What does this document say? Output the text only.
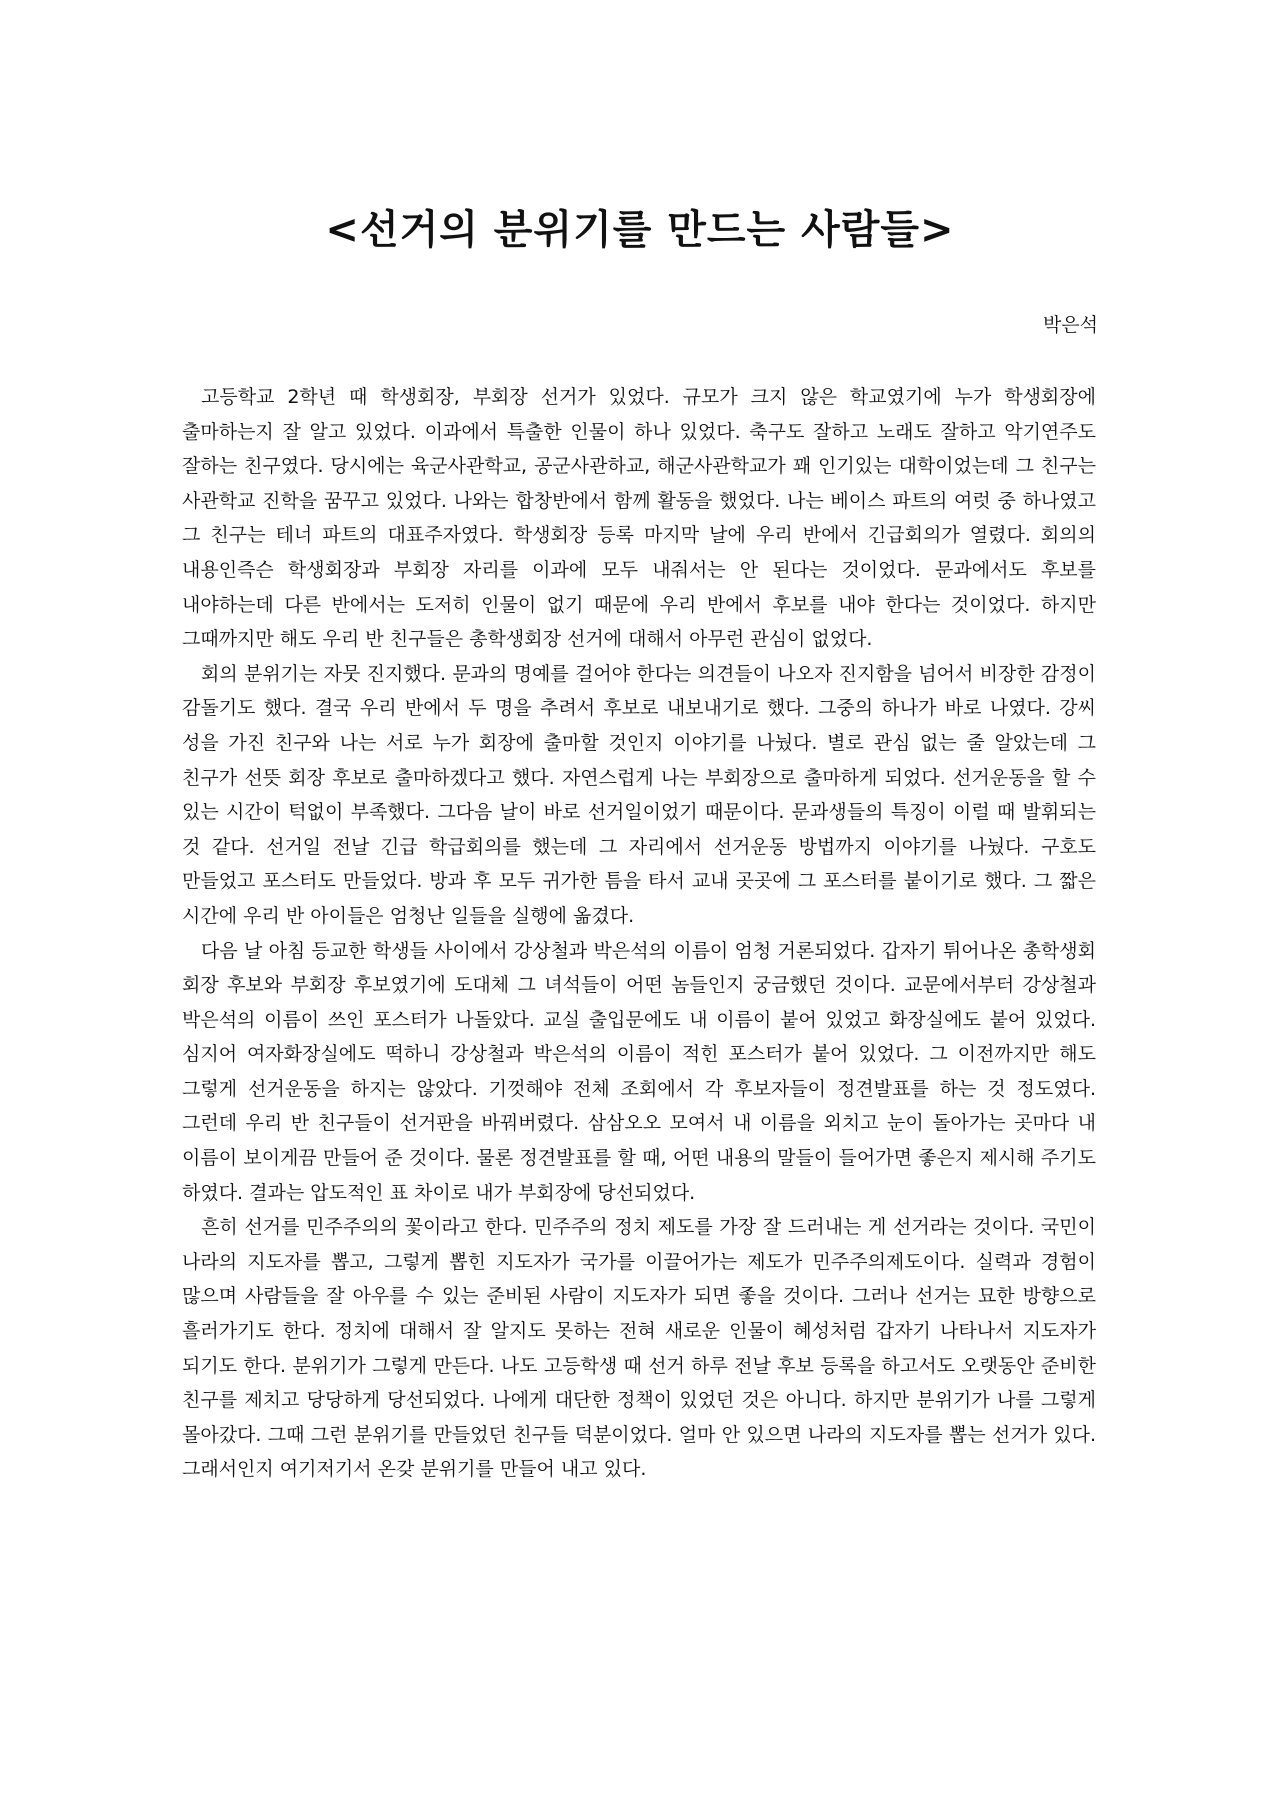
<선거의 분위기를 만드는 사람들>
박은석

고등학교 2학년 때 학생회장, 부회장 선거가 있었다. 규모가 크지 않은 학교였기에 누가 학생회장에 출마하는지 잘 알고 있었다. 이과에서 특출한 인물이 하나 있었다. 축구도 잘하고 노래도 잘하고 악기연주도 잘하는 친구였다. 당시에는 육군사관학교, 공군사관하교, 해군사관학교가 꽤 인기있는 대학이었는데 그 친구는 사관학교 진학을 꿈꾸고 있었다. 나와는 합창반에서 함께 활동을 했었다. 나는 베이스 파트의 여럿 중 하나였고 그 친구는 테너 파트의 대표주자였다. 학생회장 등록 마지막 날에 우리 반에서 긴급회의가 열렸다. 회의의 내용인즉슨 학생회장과 부회장 자리를 이과에 모두 내줘서는 안 된다는 것이었다. 문과에서도 후보를 내야하는데 다른 반에서는 도저히 인물이 없기 때문에 우리 반에서 후보를 내야 한다는 것이었다. 하지만 그때까지만 해도 우리 반 친구들은 총학생회장 선거에 대해서 아무런 관심이 없었다.

회의 분위기는 자뭇 진지했다. 문과의 명예를 걸어야 한다는 의견들이 나오자 진지함을 넘어서 비장한 감정이 감돌기도 했다. 결국 우리 반에서 두 명을 추려서 후보로 내보내기로 했다. 그중의 하나가 바로 나였다. 강씨 성을 가진 친구와 나는 서로 누가 회장에 출마할 것인지 이야기를 나눴다. 별로 관심 없는 줄 알았는데 그 친구가 선뜻 회장 후보로 출마하겠다고 했다. 자연스럽게 나는 부회장으로 출마하게 되었다. 선거운동을 할 수 있는 시간이 턱없이 부족했다. 그다음 날이 바로 선거일이었기 때문이다. 문과생들의 특징이 이럴 때 발휘되는 것 같다. 선거일 전날 긴급 학급회의를 했는데 그 자리에서 선거운동 방법까지 이야기를 나눴다. 구호도 만들었고 포스터도 만들었다. 방과 후 모두 귀가한 틈을 타서 교내 곳곳에 그 포스터를 붙이기로 했다. 그 짧은 시간에 우리 반 아이들은 엄청난 일들을 실행에 옮겼다.

다음 날 아침 등교한 학생들 사이에서 강상철과 박은석의 이름이 엄청 거론되었다. 갑자기 튀어나온 총학생회 회장 후보와 부회장 후보였기에 도대체 그 녀석들이 어떤 놈들인지 궁금했던 것이다. 교문에서부터 강상철과 박은석의 이름이 쓰인 포스터가 나돌았다. 교실 출입문에도 내 이름이 붙어 있었고 화장실에도 붙어 있었다. 심지어 여자화장실에도 떡하니 강상철과 박은석의 이름이 적힌 포스터가 붙어 있었다. 그 이전까지만 해도 그렇게 선거운동을 하지는 않았다. 기껏해야 전체 조회에서 각 후보자들이 정견발표를 하는 것 정도였다. 그런데 우리 반 친구들이 선거판을 바꿔버렸다. 삼삼오오 모여서 내 이름을 외치고 눈이 돌아가는 곳마다 내 이름이 보이게끔 만들어 준 것이다. 물론 정견발표를 할 때, 어떤 내용의 말들이 들어가면 좋은지 제시해 주기도 하였다. 결과는 압도적인 표 차이로 내가 부회장에 당선되었다.

흔히 선거를 민주주의의 꽃이라고 한다. 민주주의 정치 제도를 가장 잘 드러내는 게 선거라는 것이다. 국민이 나라의 지도자를 뽑고, 그렇게 뽑힌 지도자가 국가를 이끌어가는 제도가 민주주의제도이다. 실력과 경험이 많으며 사람들을 잘 아우를 수 있는 준비된 사람이 지도자가 되면 좋을 것이다. 그러나 선거는 묘한 방향으로 흘러가기도 한다. 정치에 대해서 잘 알지도 못하는 전혀 새로운 인물이 혜성처럼 갑자기 나타나서 지도자가 되기도 한다. 분위기가 그렇게 만든다. 나도 고등학생 때 선거 하루 전날 후보 등록을 하고서도 오랫동안 준비한 친구를 제치고 당당하게 당선되었다. 나에게 대단한 정책이 있었던 것은 아니다. 하지만 분위기가 나를 그렇게 몰아갔다. 그때 그런 분위기를 만들었던 친구들 덕분이었다. 얼마 안 있으면 나라의 지도자를 뽑는 선거가 있다. 그래서인지 여기저기서 온갖 분위기를 만들어 내고 있다.
